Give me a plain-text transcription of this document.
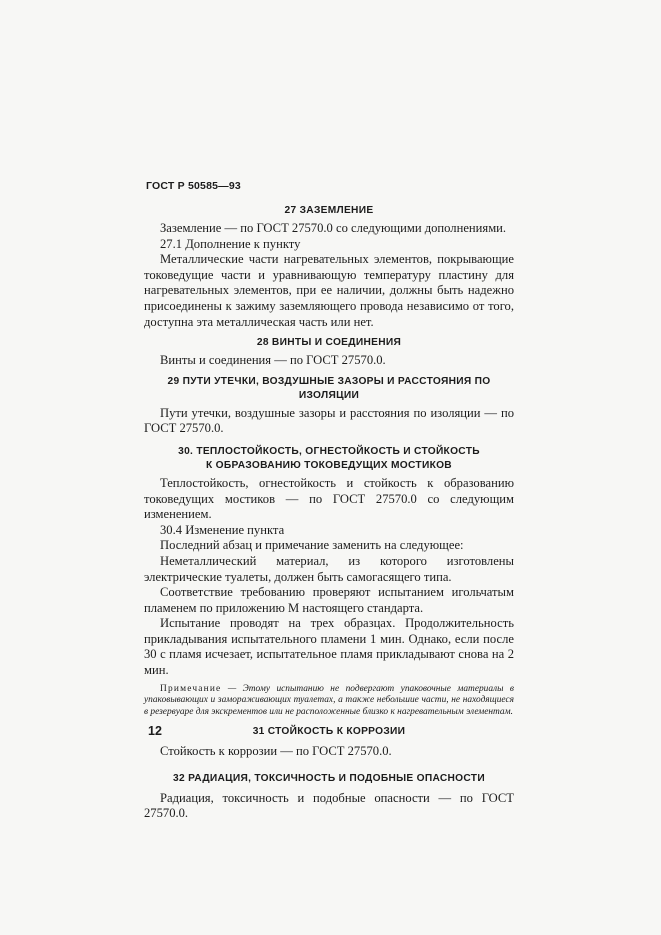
ГОСТ Р 50585—93
27 ЗАЗЕМЛЕНИЕ

Заземление — по ГОСТ 27570.0 со следующими дополнениями.

27.1 Дополнение к пункту

Металлические части нагревательных элементов, покрывающие токоведущие части и уравнивающую температуру пластину для нагревательных элементов, при ее наличии, должны быть надежно присоединены к зажиму заземляющего провода независимо от того, доступна эта металлическая часть или нет.

28 ВИНТЫ И СОЕДИНЕНИЯ

Винты и соединения — по ГОСТ 27570.0.

29 ПУТИ УТЕЧКИ, ВОЗДУШНЫЕ ЗАЗОРЫ И РАССТОЯНИЯ ПО ИЗОЛЯЦИИ

Пути утечки, воздушные зазоры и расстояния по изоляции — по ГОСТ 27570.0.

30. ТЕПЛОСТОЙКОСТЬ, ОГНЕСТОЙКОСТЬ И СТОЙКОСТЬ К ОБРАЗОВАНИЮ ТОКОВЕДУЩИХ МОСТИКОВ

Теплостойкость, огнестойкость и стойкость к образованию токоведущих мостиков — по ГОСТ 27570.0 со следующим изменением.

30.4 Изменение пункта

Последний абзац и примечание заменить на следующее:

Неметаллический материал, из которого изготовлены электрические туалеты, должен быть самогасящего типа.

Соответствие требованию проверяют испытанием игольчатым пламенем по приложению М настоящего стандарта.

Испытание проводят на трех образцах. Продолжительность прикладывания испытательного пламени 1 мин. Однако, если после 30 с пламя исчезает, испытательное пламя прикладывают снова на 2 мин.

Примечание — Этому испытанию не подвергают упаковочные материалы в упаковывающих и замораживающих туалетах, а также небольшие части, не находящиеся в резервуаре для экскрементов или не расположенные близко к нагревательным элементам.

31 СТОЙКОСТЬ К КОРРОЗИИ

Стойкость к коррозии — по ГОСТ 27570.0.

32 РАДИАЦИЯ, ТОКСИЧНОСТЬ И ПОДОБНЫЕ ОПАСНОСТИ

Радиация, токсичность и подобные опасности — по ГОСТ 27570.0.

12
